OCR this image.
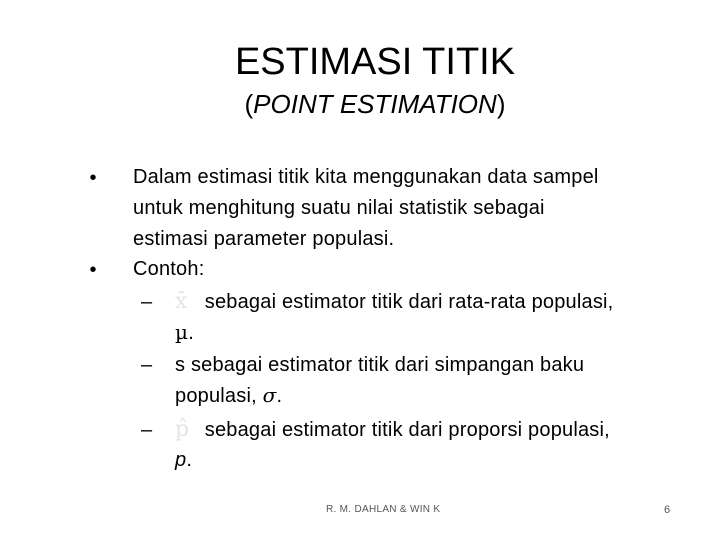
ESTIMASI TITIK
(POINT ESTIMATION)
• Dalam estimasi titik kita menggunakan data sampel
untuk menghitung suatu nilai statistik sebagai
estimasi parameter populasi.
• Contoh:
– x̄ sebagai estimator titik dari rata-rata populasi,
µ.
– s sebagai estimator titik dari simpangan baku
populasi, σ.
– p̂ sebagai estimator titik dari proporsi populasi,
p.
R. M. DAHLAN & WIN K	6
